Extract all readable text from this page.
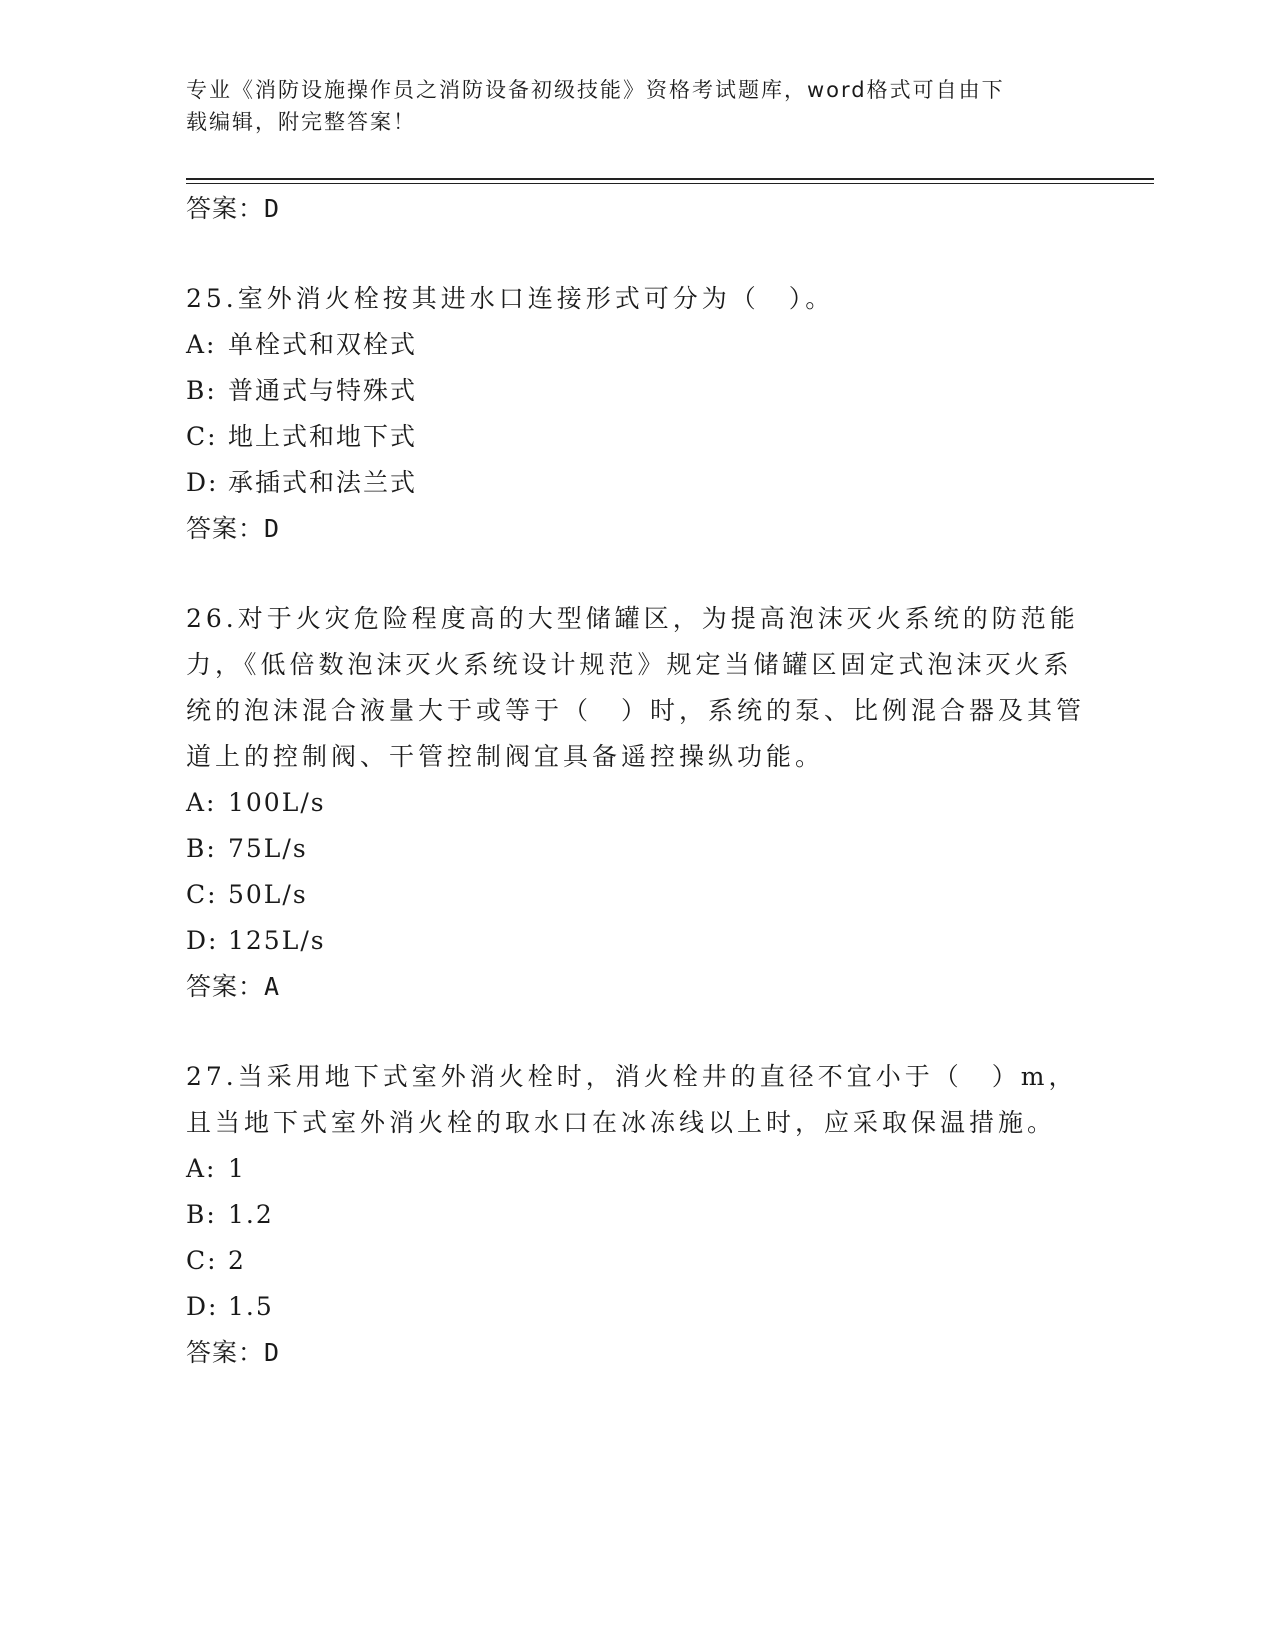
专业《消防设施操作员之消防设备初级技能》资格考试题库，word格式可自由下
载编辑，附完整答案！
答案：D
25.室外消火栓按其进水口连接形式可分为（　）。
A: 单栓式和双栓式
B: 普通式与特殊式
C: 地上式和地下式
D: 承插式和法兰式
答案：D
26.对于火灾危险程度高的大型储罐区，为提高泡沫灭火系统的防范能力，《低倍数泡沫灭火系统设计规范》规定当储罐区固定式泡沫灭火系统的泡沫混合液量大于或等于（　）时，系统的泵、比例混合器及其管道上的控制阀、干管控制阀宜具备遥控操纵功能。
A: 100L/s
B: 75L/s
C: 50L/s
D: 125L/s
答案：A
27.当采用地下式室外消火栓时，消火栓井的直径不宜小于（　）m，且当地下式室外消火栓的取水口在冰冻线以上时，应采取保温措施。
A: 1
B: 1.2
C: 2
D: 1.5
答案：D
